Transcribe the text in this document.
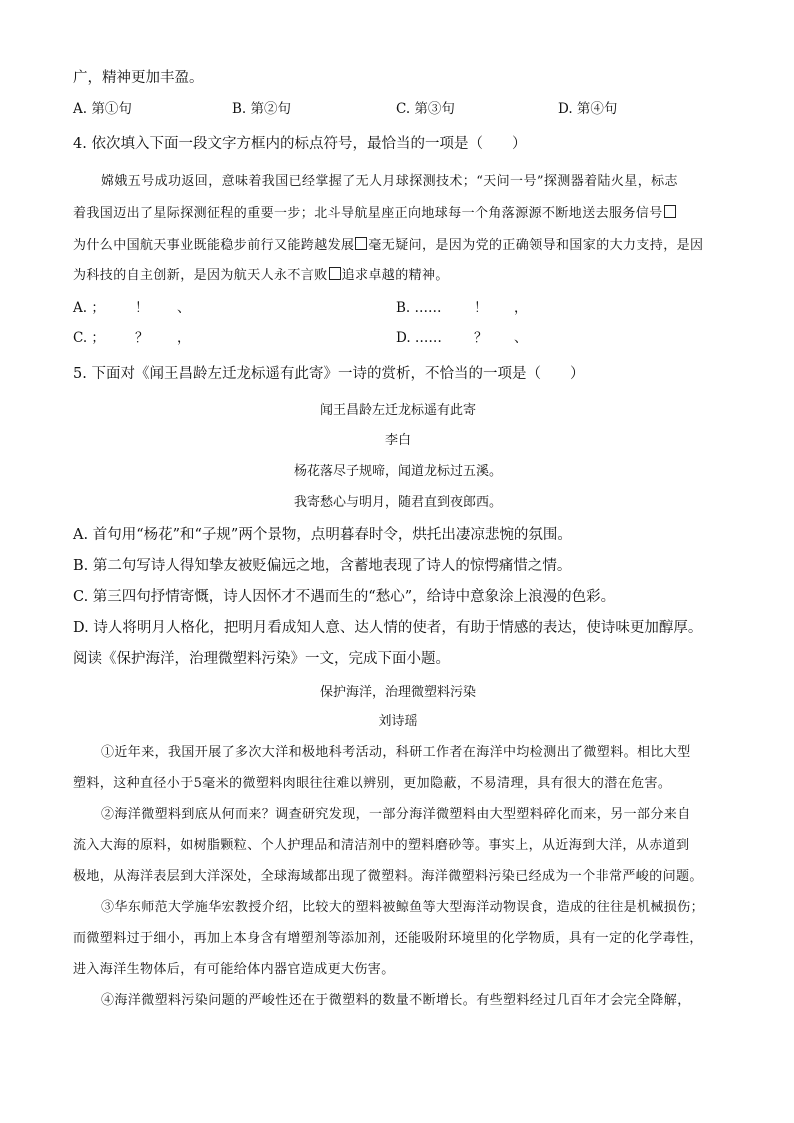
广，精神更加丰盈。
A. 第①句	B. 第②句	C. 第③句	D. 第④句
4. 依次填入下面一段文字方框内的标点符号，最恰当的一项是（　　）
嫦娥五号成功返回，意味着我国已经掌握了无人月球探测技术；“天问一号”探测器着陆火星，标志
着我国迈出了星际探测征程的重要一步；北斗导航星座正向地球每一个角落源源不断地送去服务信号
为什么中国航天事业既能稳步前行又能跨越发展 毫无疑问，是因为党的正确领导和国家的大力支持，是因
为科技的自主创新，是因为航天人永不言败 追求卓越的精神。
A. ； ！ 、	B. …… ！ ，
C. ； ？ ，	D. …… ？ 、
5. 下面对《闻王昌龄左迁龙标遥有此寄》一诗的赏析，不恰当的一项是（　　）
闻王昌龄左迁龙标遥有此寄
李白
杨花落尽子规啼，闻道龙标过五溪。
我寄愁心与明月，随君直到夜郎西。
A. 首句用“杨花”和“子规”两个景物，点明暮春时令，烘托出凄凉悲惋的氛围。
B. 第二句写诗人得知挚友被贬偏远之地，含蓄地表现了诗人的惊愕痛惜之情。
C. 第三四句抒情寄慨，诗人因怀才不遇而生的“愁心”，给诗中意象涂上浪漫的色彩。
D. 诗人将明月人格化，把明月看成知人意、达人情的使者，有助于情感的表达，使诗味更加醇厚。
阅读《保护海洋，治理微塑料污染》一文，完成下面小题。
保护海洋，治理微塑料污染
刘诗瑶
①近年来，我国开展了多次大洋和极地科考活动，科研工作者在海洋中均检测出了微塑料。相比大型
塑料，这种直径小于5毫米的微塑料肉眼往往难以辨别，更加隐蔽，不易清理，具有很大的潜在危害。
②海洋微塑料到底从何而来？调查研究发现，一部分海洋微塑料由大型塑料碎化而来，另一部分来自
流入大海的原料，如树脂颗粒、个人护理品和清洁剂中的塑料磨砂等。事实上，从近海到大洋，从赤道到
极地，从海洋表层到大洋深处，全球海域都出现了微塑料。海洋微塑料污染已经成为一个非常严峻的问题。
③华东师范大学施华宏教授介绍，比较大的塑料被鲸鱼等大型海洋动物误食，造成的往往是机械损伤；
而微塑料过于细小，再加上本身含有增塑剂等添加剂，还能吸附环境里的化学物质，具有一定的化学毒性，
进入海洋生物体后，有可能给体内器官造成更大伤害。
④海洋微塑料污染问题的严峻性还在于微塑料的数量不断增长。有些塑料经过几百年才会完全降解，
